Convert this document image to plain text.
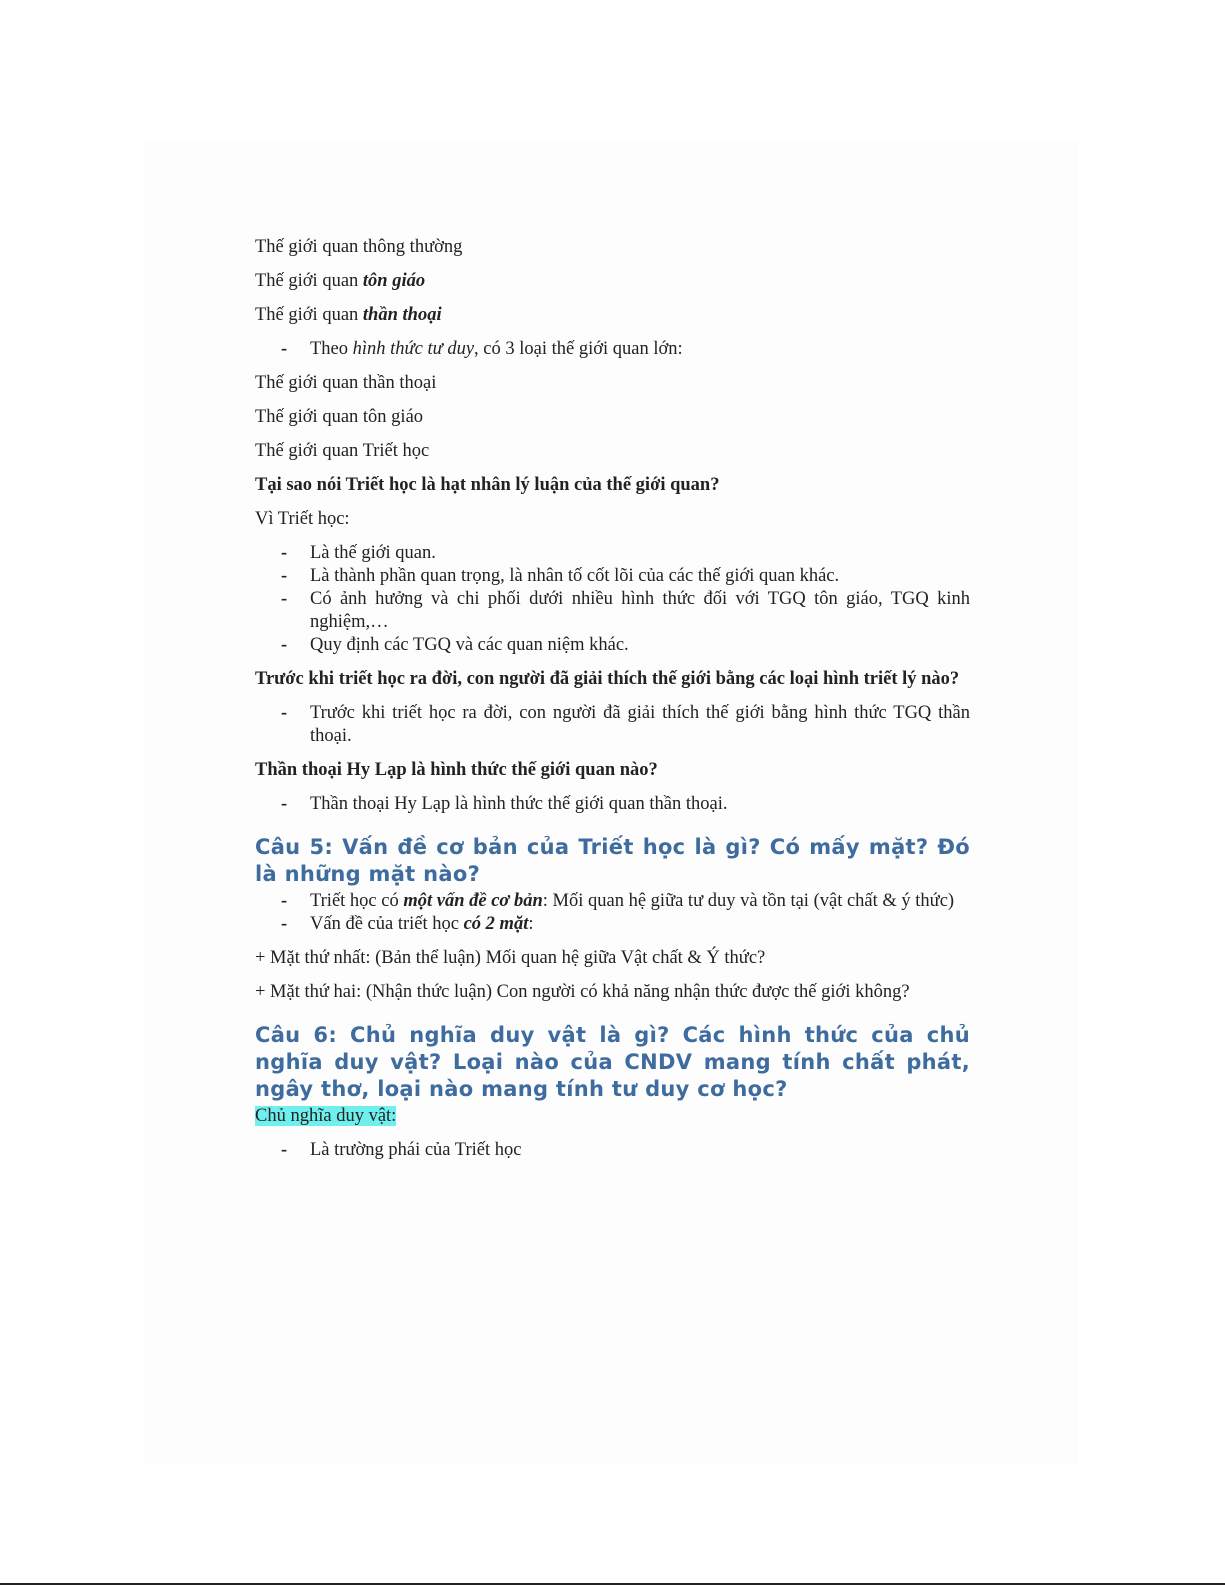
Thế giới quan thông thường

Thế giới quan tôn giáo

Thế giới quan thần thoại

- Theo hình thức tư duy, có 3 loại thế giới quan lớn:

Thế giới quan thần thoại

Thế giới quan tôn giáo

Thế giới quan Triết học

Tại sao nói Triết học là hạt nhân lý luận của thế giới quan?

Vì Triết học:

- Là thế giới quan.
- Là thành phần quan trọng, là nhân tố cốt lõi của các thế giới quan khác.
- Có ảnh hưởng và chi phối dưới nhiều hình thức đối với TGQ tôn giáo, TGQ kinh nghiệm,…
- Quy định các TGQ và các quan niệm khác.

Trước khi triết học ra đời, con người đã giải thích thế giới bằng các loại hình triết lý nào?

- Trước khi triết học ra đời, con người đã giải thích thế giới bằng hình thức TGQ thần thoại.

Thần thoại Hy Lạp là hình thức thế giới quan nào?

- Thần thoại Hy Lạp là hình thức thế giới quan thần thoại.
Câu 5: Vấn đề cơ bản của Triết học là gì? Có mấy mặt? Đó là những mặt nào?
- Triết học có một vấn đề cơ bản: Mối quan hệ giữa tư duy và tồn tại (vật chất & ý thức)
- Vấn đề của triết học có 2 mặt:

+ Mặt thứ nhất: (Bản thể luận) Mối quan hệ giữa Vật chất & Ý thức?

+ Mặt thứ hai: (Nhận thức luận) Con người có khả năng nhận thức được thế giới không?

Câu 6: Chủ nghĩa duy vật là gì? Các hình thức của chủ nghĩa duy vật? Loại nào của CNDV mang tính chất phát, ngây thơ, loại nào mang tính tư duy cơ học?

Chủ nghĩa duy vật:

- Là trường phái của Triết học
